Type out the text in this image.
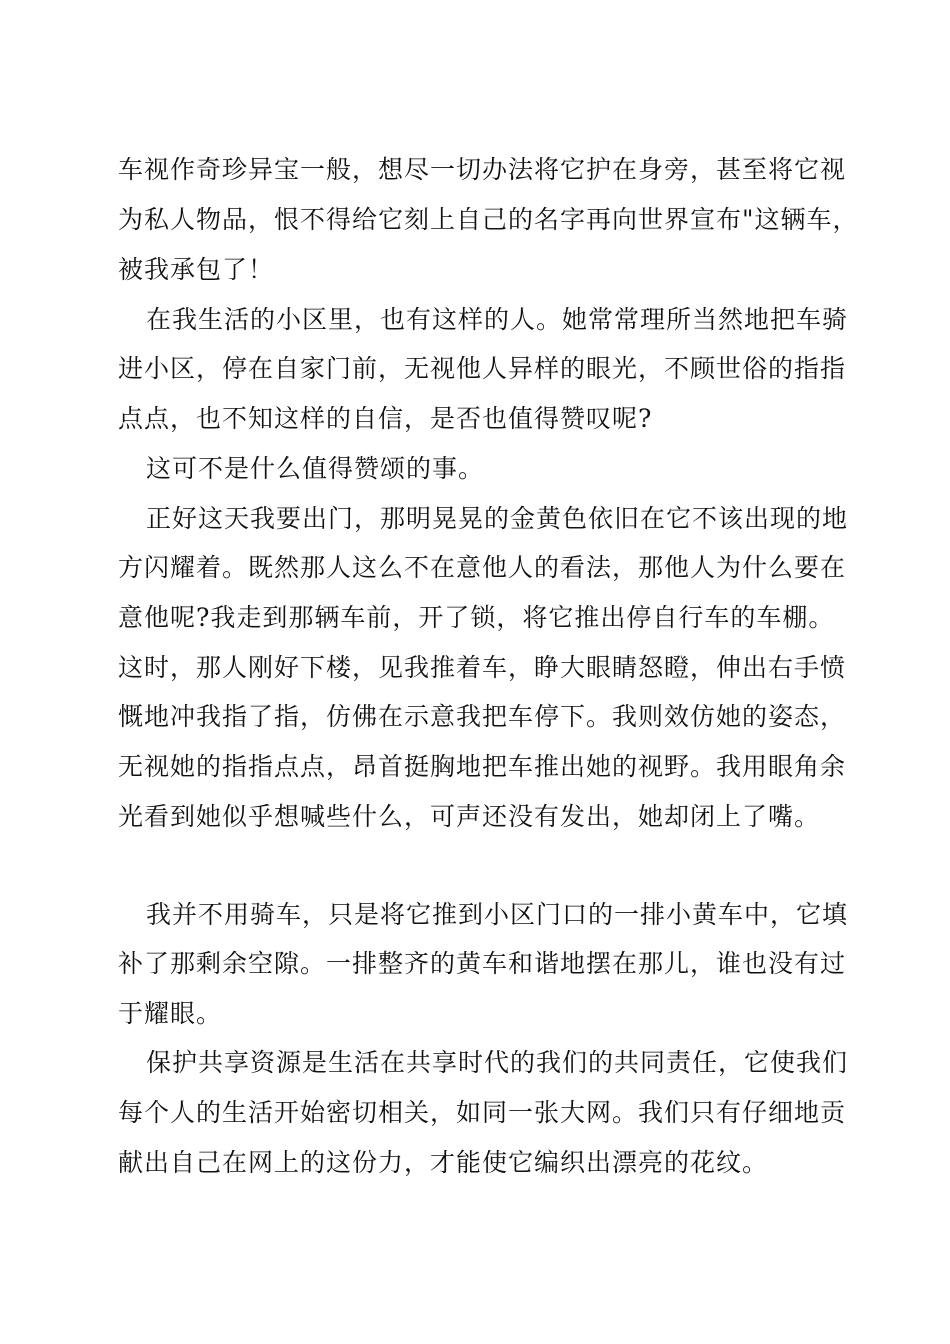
车视作奇珍异宝一般，想尽一切办法将它护在身旁，甚至将它视
为私人物品，恨不得给它刻上自己的名字再向世界宣布"这辆车，
被我承包了！
在我生活的小区里，也有这样的人。她常常理所当然地把车骑
进小区，停在自家门前，无视他人异样的眼光，不顾世俗的指指
点点，也不知这样的自信，是否也值得赞叹呢?
这可不是什么值得赞颂的事。
正好这天我要出门，那明晃晃的金黄色依旧在它不该出现的地
方闪耀着。既然那人这么不在意他人的看法，那他人为什么要在
意他呢?我走到那辆车前，开了锁，将它推出停自行车的车棚。
这时，那人刚好下楼，见我推着车，睁大眼睛怒瞪，伸出右手愤
慨地冲我指了指，仿佛在示意我把车停下。我则效仿她的姿态，
无视她的指指点点，昂首挺胸地把车推出她的视野。我用眼角余
光看到她似乎想喊些什么，可声还没有发出，她却闭上了嘴。
我并不用骑车，只是将它推到小区门口的一排小黄车中，它填
补了那剩余空隙。一排整齐的黄车和谐地摆在那儿，谁也没有过
于耀眼。
保护共享资源是生活在共享时代的我们的共同责任，它使我们
每个人的生活开始密切相关，如同一张大网。我们只有仔细地贡
献出自己在网上的这份力，才能使它编织出漂亮的花纹。
